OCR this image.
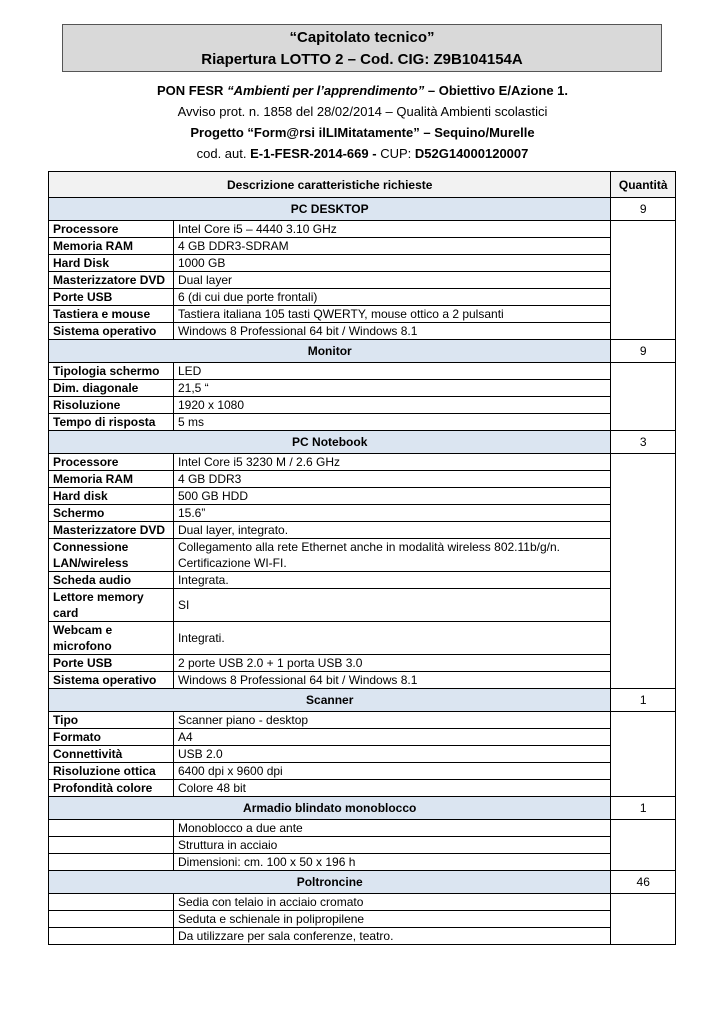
“Capitolato tecnico”
Riapertura LOTTO 2 – Cod. CIG: Z9B104154A
PON FESR “Ambienti per l’apprendimento” – Obiettivo E/Azione 1.
Avviso prot. n. 1858 del 28/02/2014 – Qualità Ambienti scolastici
Progetto “Form@rsi ilLIMitatamente” – Sequino/Murelle
cod. aut. E-1-FESR-2014-669 - CUP: D52G14000120007
Descrizione caratteristiche richieste		Quantità
PC DESKTOP		9
Processore	Intel Core i5 – 4440 3.10 GHz	
Memoria RAM	4 GB DDR3-SDRAM	
Hard Disk	1000 GB	
Masterizzatore DVD	Dual layer	
Porte USB	6 (di cui due porte frontali)	
Tastiera e mouse	Tastiera italiana 105 tasti QWERTY, mouse ottico a 2 pulsanti	
Sistema operativo	Windows 8 Professional 64 bit / Windows 8.1	
Monitor		9
Tipologia schermo	LED	
Dim. diagonale	21,5 “	
Risoluzione	1920 x 1080	
Tempo di risposta	5 ms	
PC Notebook		3
Processore	Intel Core i5 3230 M / 2.6 GHz	
Memoria RAM	4 GB DDR3	
Hard disk	500 GB HDD	
Schermo	15.6”	
Masterizzatore DVD	Dual layer, integrato.	
Connessione LAN/wireless	Collegamento alla rete Ethernet anche in modalità wireless 802.11b/g/n. Certificazione WI-FI.	
Scheda audio	Integrata.	
Lettore memory card	SI	
Webcam e microfono	Integrati.	
Porte USB	2 porte USB 2.0 + 1 porta USB 3.0	
Sistema operativo	Windows 8 Professional 64 bit / Windows 8.1	
Scanner		1
Tipo	Scanner piano - desktop	
Formato	A4	
Connettività	USB 2.0	
Risoluzione ottica	6400 dpi x 9600 dpi	
Profondità colore	Colore 48 bit	
Armadio blindato monoblocco		1
	Monoblocco a due ante	
	Struttura in acciaio	
	Dimensioni: cm. 100 x 50 x 196 h	
Poltroncine		46
	Sedia con telaio in acciaio cromato	
	Seduta e schienale in polipropilene	
	Da utilizzare per sala conferenze, teatro.	
